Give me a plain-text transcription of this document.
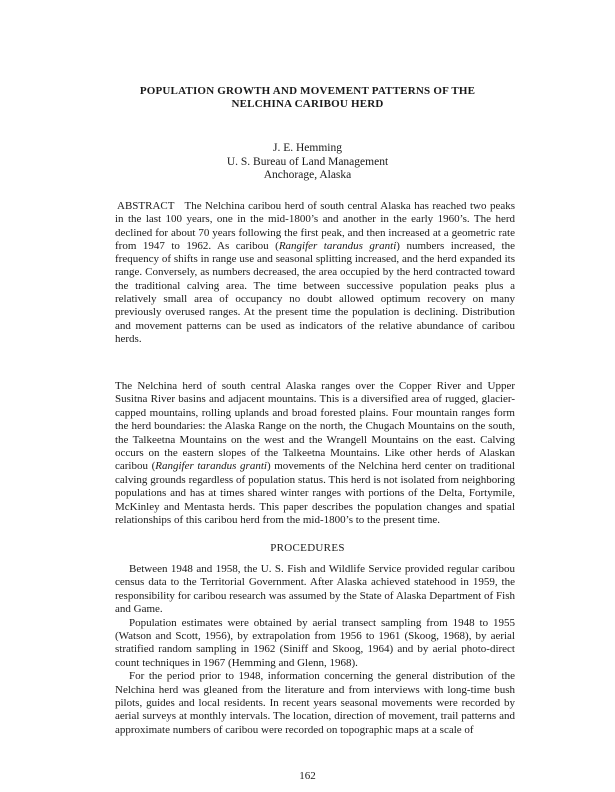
POPULATION GROWTH AND MOVEMENT PATTERNS OF THE
NELCHINA CARIBOU HERD
J. E. Hemming
U. S. Bureau of Land Management
Anchorage, Alaska

ABSTRACT The Nelchina caribou herd of south central Alaska has reached two peaks in the last 100 years, one in the mid-1800’s and another in the early 1960’s. The herd declined for about 70 years following the first peak, and then increased at a geometric rate from 1947 to 1962. As caribou (Rangifer tarandus granti) numbers increased, the frequency of shifts in range use and seasonal splitting increased, and the herd expanded its range. Conversely, as numbers decreased, the area occupied by the herd contracted toward the traditional calving area. The time between successive population peaks plus a relatively small area of occupancy no doubt allowed optimum recovery on many previously overused ranges. At the present time the population is declining. Distribution and movement patterns can be used as indicators of the relative abundance of caribou herds.

The Nelchina herd of south central Alaska ranges over the Copper River and Upper Susitna River basins and adjacent mountains. This is a diversified area of rugged, glacier-capped mountains, rolling uplands and broad forested plains. Four mountain ranges form the herd boundaries: the Alaska Range on the north, the Chugach Mountains on the south, the Talkeetna Mountains on the west and the Wrangell Mountains on the east. Calving occurs on the eastern slopes of the Talkeetna Mountains. Like other herds of Alaskan caribou (Rangifer tarandus granti) movements of the Nelchina herd center on traditional calving grounds regardless of population status. This herd is not isolated from neighboring populations and has at times shared winter ranges with portions of the Delta, Fortymile, McKinley and Mentasta herds. This paper describes the population changes and spatial relationships of this caribou herd from the mid-1800’s to the present time.

PROCEDURES

Between 1948 and 1958, the U. S. Fish and Wildlife Service provided regular caribou census data to the Territorial Government. After Alaska achieved statehood in 1959, the responsibility for caribou research was assumed by the State of Alaska Department of Fish and Game.

Population estimates were obtained by aerial transect sampling from 1948 to 1955 (Watson and Scott, 1956), by extrapolation from 1956 to 1961 (Skoog, 1968), by aerial stratified random sampling in 1962 (Siniff and Skoog, 1964) and by aerial photo-direct count techniques in 1967 (Hemming and Glenn, 1968).

For the period prior to 1948, information concerning the general distribution of the Nelchina herd was gleaned from the literature and from interviews with long-time bush pilots, guides and local residents. In recent years seasonal movements were recorded by aerial surveys at monthly intervals. The location, direction of movement, trail patterns and approximate numbers of caribou were recorded on topographic maps at a scale of

162
